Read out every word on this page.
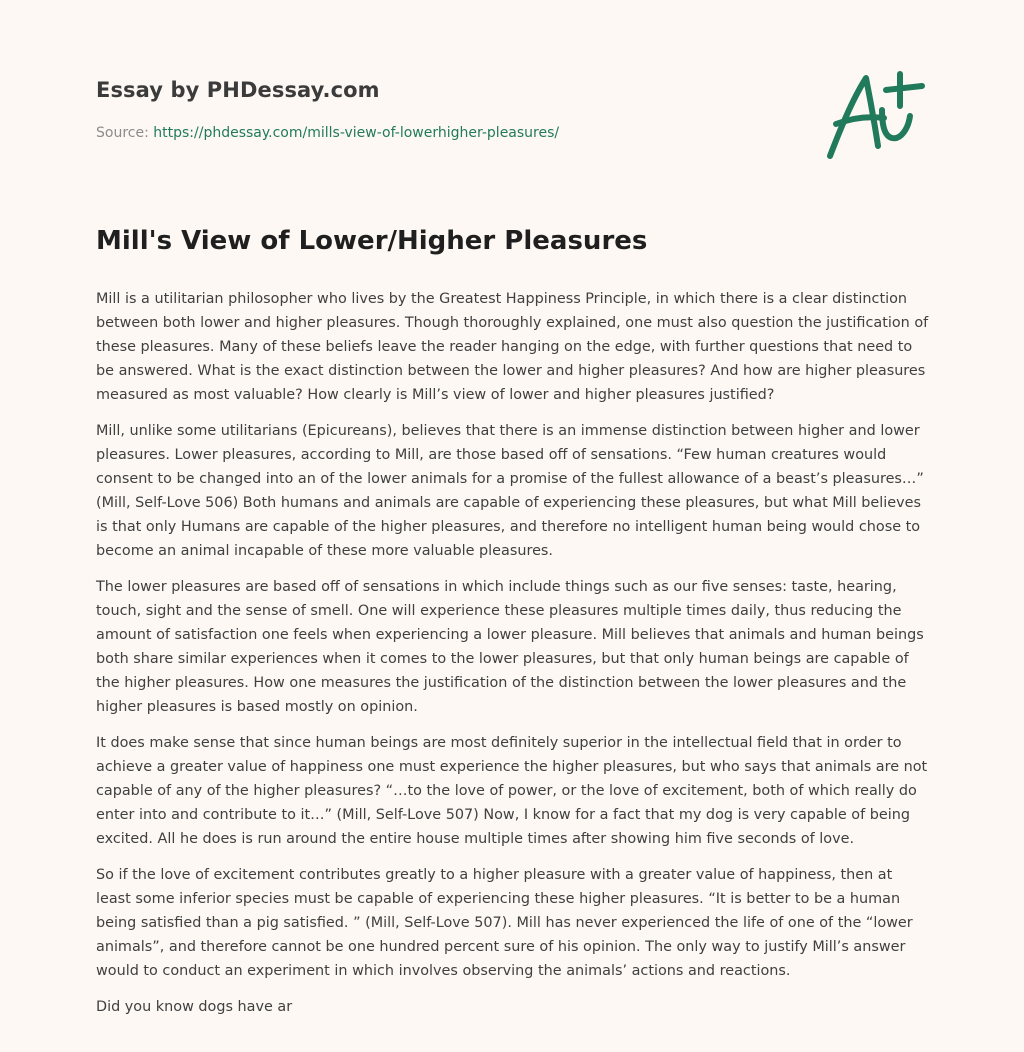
Essay by PHDessay.com
Source: https://phdessay.com/mills-view-of-lowerhigher-pleasures/
Mill's View of Lower/Higher Pleasures

Mill is a utilitarian philosopher who lives by the Greatest Happiness Principle, in which there is a clear distinction between both lower and higher pleasures. Though thoroughly explained, one must also question the justification of these pleasures. Many of these beliefs leave the reader hanging on the edge, with further questions that need to be answered. What is the exact distinction between the lower and higher pleasures? And how are higher pleasures measured as most valuable? How clearly is Mill’s view of lower and higher pleasures justified?

Mill, unlike some utilitarians (Epicureans), believes that there is an immense distinction between higher and lower pleasures. Lower pleasures, according to Mill, are those based off of sensations. “Few human creatures would consent to be changed into an of the lower animals for a promise of the fullest allowance of a beast’s pleasures…” (Mill, Self-Love 506) Both humans and animals are capable of experiencing these pleasures, but what Mill believes is that only Humans are capable of the higher pleasures, and therefore no intelligent human being would chose to become an animal incapable of these more valuable pleasures.

The lower pleasures are based off of sensations in which include things such as our five senses: taste, hearing, touch, sight and the sense of smell. One will experience these pleasures multiple times daily, thus reducing the amount of satisfaction one feels when experiencing a lower pleasure. Mill believes that animals and human beings both share similar experiences when it comes to the lower pleasures, but that only human beings are capable of the higher pleasures. How one measures the justification of the distinction between the lower pleasures and the higher pleasures is based mostly on opinion.

It does make sense that since human beings are most definitely superior in the intellectual field that in order to achieve a greater value of happiness one must experience the higher pleasures, but who says that animals are not capable of any of the higher pleasures? “…to the love of power, or the love of excitement, both of which really do enter into and contribute to it…” (Mill, Self-Love 507) Now, I know for a fact that my dog is very capable of being excited. All he does is run around the entire house multiple times after showing him five seconds of love.

So if the love of excitement contributes greatly to a higher pleasure with a greater value of happiness, then at least some inferior species must be capable of experiencing these higher pleasures. “It is better to be a human being satisfied than a pig satisfied. ” (Mill, Self-Love 507). Mill has never experienced the life of one of the “lower animals”, and therefore cannot be one hundred percent sure of his opinion. The only way to justify Mill’s answer would to conduct an experiment in which involves observing the animals’ actions and reactions.

Did you know dogs have ar
